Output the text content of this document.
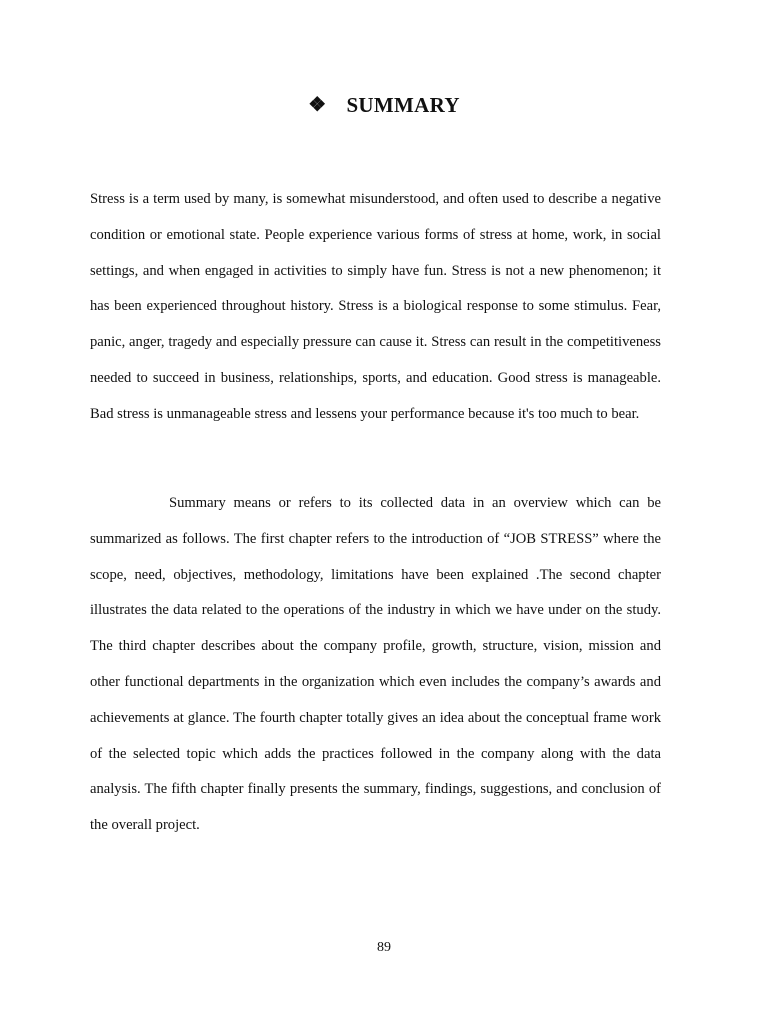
❖ SUMMARY

Stress is a term used by many, is somewhat misunderstood, and often used to describe a negative condition or emotional state. People experience various forms of stress at home, work, in social settings, and when engaged in activities to simply have fun. Stress is not a new phenomenon; it has been experienced throughout history. Stress is a biological response to some stimulus. Fear, panic, anger, tragedy and especially pressure can cause it. Stress can result in the competitiveness needed to succeed in business, relationships, sports, and education. Good stress is manageable. Bad stress is unmanageable stress and lessens your performance because it's too much to bear.

Summary means or refers to its collected data in an overview which can be summarized as follows. The first chapter refers to the introduction of “JOB STRESS” where the scope, need, objectives, methodology, limitations have been explained .The second chapter illustrates the data related to the operations of the industry in which we have under on the study. The third chapter describes about the company profile, growth, structure, vision, mission and other functional departments in the organization which even includes the company’s awards and achievements at glance. The fourth chapter totally gives an idea about the conceptual frame work of the selected topic which adds the practices followed in the company along with the data analysis. The fifth chapter finally presents the summary, findings, suggestions, and conclusion of the overall project.

89
